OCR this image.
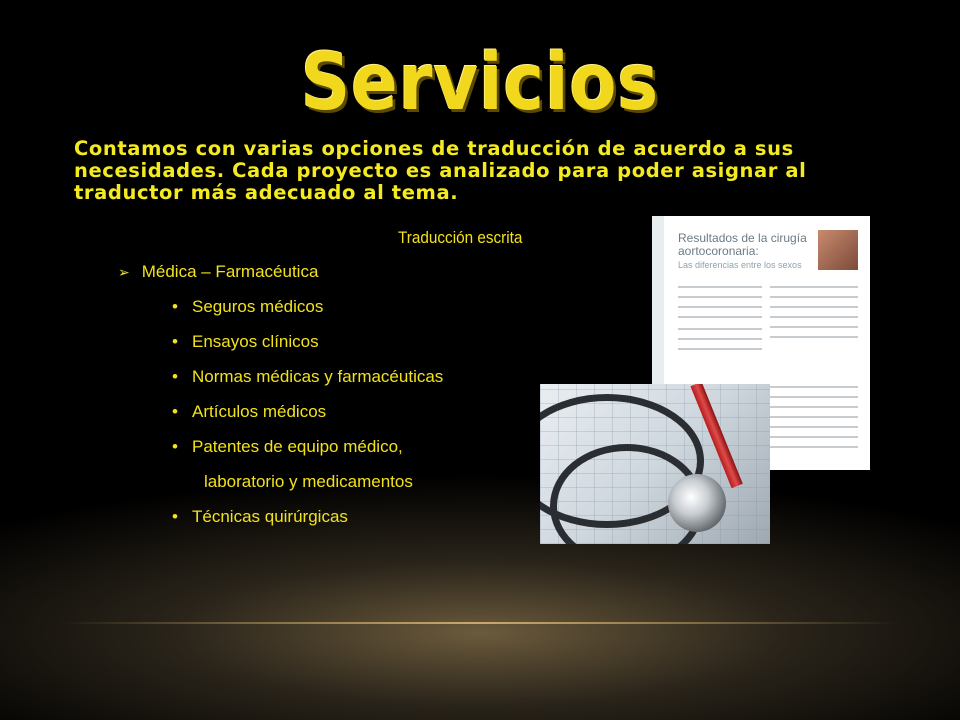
Servicios
Contamos con varias opciones de traducción de acuerdo a sus necesidades. Cada proyecto es analizado para poder asignar al traductor más adecuado al tema.
Traducción escrita
➢ Médica – Farmacéutica
• Seguros médicos
• Ensayos clínicos
• Normas médicas y farmacéuticas
• Artículos médicos
• Patentes de equipo médico,
laboratorio y medicamentos
• Técnicas quirúrgicas
Resultados de la cirugía aortocoronaria:
Las diferencias entre los sexos
